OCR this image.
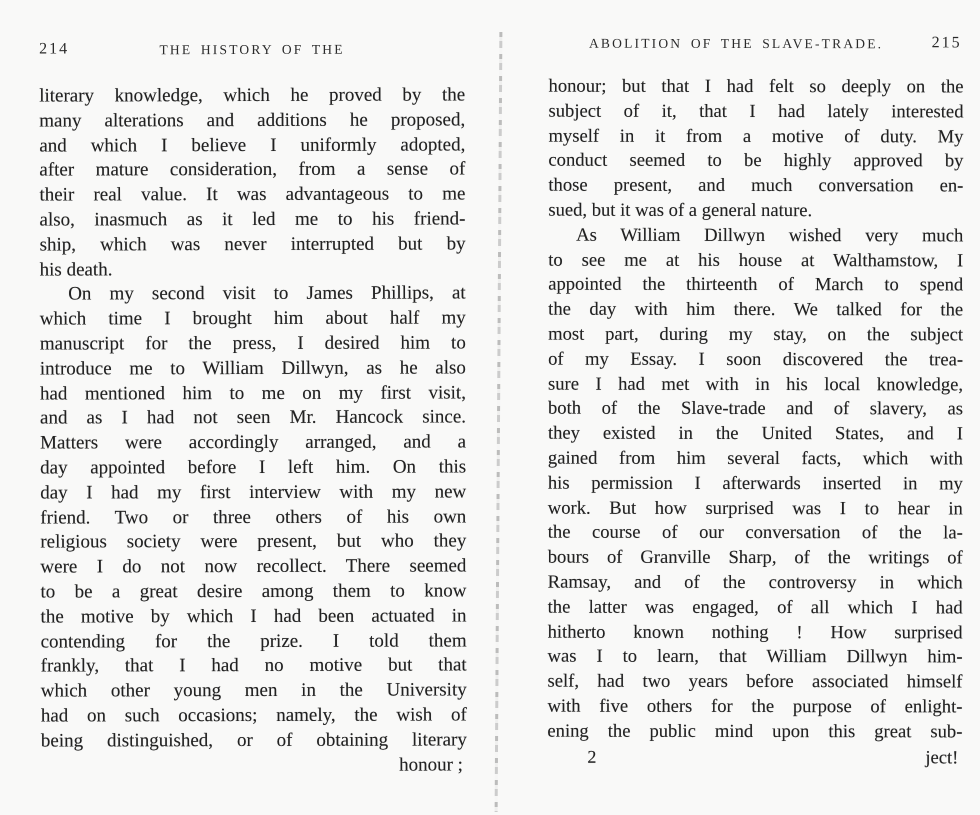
214	THE HISTORY OF THE
literary knowledge, which he proved by the
many alterations and additions he proposed,
and which I believe I uniformly adopted,
after mature consideration, from a sense of
their real value. It was advantageous to me
also, inasmuch as it led me to his friend-
ship, which was never interrupted but by
his death.
On my second visit to James Phillips, at
which time I brought him about half my
manuscript for the press, I desired him to
introduce me to William Dillwyn, as he also
had mentioned him to me on my first visit,
and as I had not seen Mr. Hancock since.
Matters were accordingly arranged, and a
day appointed before I left him. On this
day I had my first interview with my new
friend. Two or three others of his own
religious society were present, but who they
were I do not now recollect. There seemed
to be a great desire among them to know
the motive by which I had been actuated in
contending for the prize. I told them
frankly, that I had no motive but that
which other young men in the University
had on such occasions; namely, the wish of
being distinguished, or of obtaining literary
honour ;
ABOLITION OF THE SLAVE-TRADE.	215
honour; but that I had felt so deeply on the
subject of it, that I had lately interested
myself in it from a motive of duty. My
conduct seemed to be highly approved by
those present, and much conversation en-
sued, but it was of a general nature.
As William Dillwyn wished very much
to see me at his house at Walthamstow, I
appointed the thirteenth of March to spend
the day with him there. We talked for the
most part, during my stay, on the subject
of my Essay. I soon discovered the trea-
sure I had met with in his local knowledge,
both of the Slave-trade and of slavery, as
they existed in the United States, and I
gained from him several facts, which with
his permission I afterwards inserted in my
work. But how surprised was I to hear in
the course of our conversation of the la-
bours of Granville Sharp, of the writings of
Ramsay, and of the controversy in which
the latter was engaged, of all which I had
hitherto known nothing ! How surprised
was I to learn, that William Dillwyn him-
self, had two years before associated himself
with five others for the purpose of enlight-
ening the public mind upon this great sub-
2	ject!
